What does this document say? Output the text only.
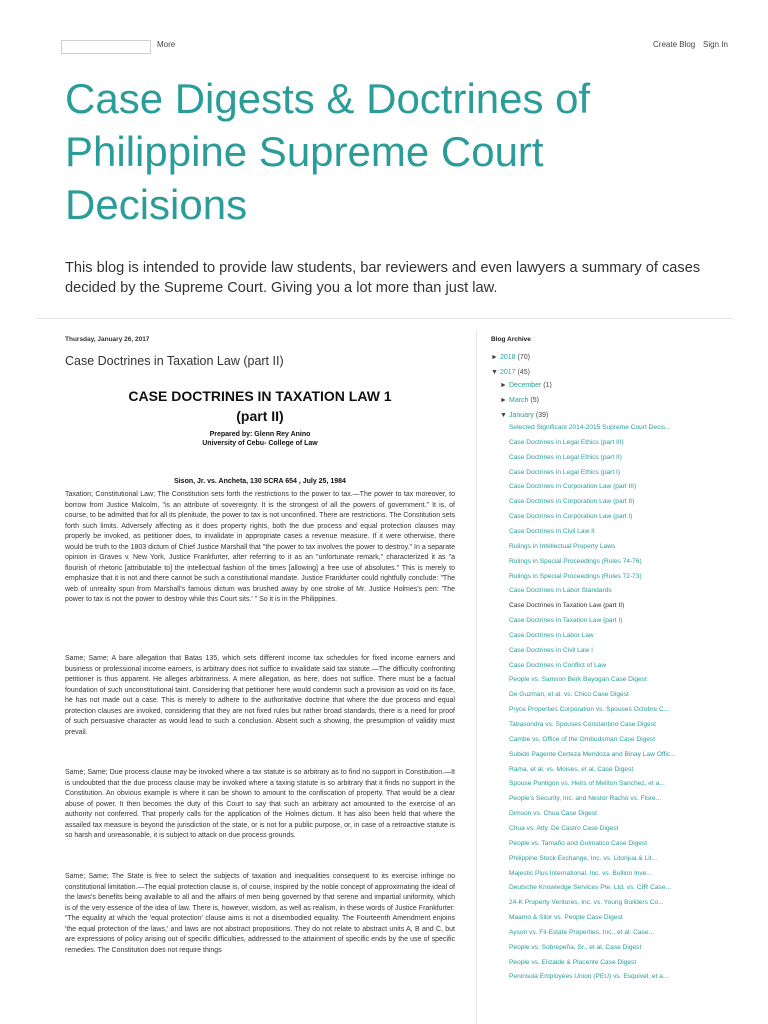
More	Create Blog Sign In
Case Digests & Doctrines of Philippine Supreme Court Decisions
This blog is intended to provide law students, bar reviewers and even lawyers a summary of cases decided by the Supreme Court. Giving you a lot more than just law.
Thursday, January 26, 2017
Case Doctrines in Taxation Law (part II)
CASE DOCTRINES IN TAXATION LAW 1
(part II)
Prepared by: Glenn Rey Anino
University of Cebu- College of Law
Sison, Jr. vs. Ancheta, 130 SCRA 654 , July 25, 1984

Taxation; Constitutional Law; The Constitution sets forth the restrictions to the power to tax.—The power to tax moreover, to borrow from Justice Malcolm, "is an attribute of sovereignty. It is the strongest of all the powers of government." It is, of course, to be admitted that for all its plenitude, the power to tax is not unconfined. There are restrictions. The Constitution sets forth such limits. Adversely affecting as it does property rights, both the due process and equal protection clauses may properly be invoked, as petitioner does, to invalidate in appropriate cases a revenue measure. If it were otherwise, there would be truth to the 1803 dictum of Chief Justice Marshall that "the power to tax involves the power to destroy." In a separate opinion in Graves v. New York, Justice Frankfurter, after referring to it as an "unfortunate remark," characterized it as "a flourish of rhetoric [attributable to] the intellectual fashion of the times [allowing] a free use of absolutes." This is merely to emphasize that it is not and there cannot be such a constitutional mandate. Justice Frankfurter could rightfully conclude: "The web of unreality spun from Marshall's famous dictum was brushed away by one stroke of Mr. Justice Holmes's pen: 'The power to tax is not the power to destroy while this Court sits.' " So it is in the Philippines.

Same; Same; A bare allegation that Batas 135, which sets different income tax schedules for fixed income earners and business or professional income earners, is arbitrary does not suffice to invalidate said tax statute.—The difficulty confronting petitioner is thus apparent. He alleges arbitrariness. A mere allegation, as here, does not suffice. There must be a factual foundation of such unconstitutional taint. Considering that petitioner here would condemn such a provision as void on its face, he has not made out a case. This is merely to adhere to the authoritative doctrine that where the due process and equal protection clauses are invoked, considering that they are not fixed rules but rather broad standards, there is a need for proof of such persuasive character as would lead to such a conclusion. Absent such a showing, the presumption of validity must prevail.

Same; Same; Due process clause may be invoked where a tax statute is so arbitrary as to find no support in Constitution.—It is undoubted that the due process clause may be invoked where a taxing statute is so arbitrary that it finds no support in the Constitution. An obvious example is where it can be shown to amount to the confiscation of property. That would be a clear abuse of power. It then becomes the duty of this Court to say that such an arbitrary act amounted to the exercise of an authority not conferred. That properly calls for the application of the Holmes dictum. It has also been held that where the assailed tax measure is beyond the jurisdiction of the state, or is not for a public purpose, or, in case of a retroactive statute is so harsh and unreasonable, it is subject to attack on due process grounds.

Same; Same; The State is free to select the subjects of taxation and inequalities consequent to its exercise infringe no constitutional limitation.—The equal protection clause is, of course, inspired by the noble concept of approximating the ideal of the laws's benefits being available to all and the affairs of men being governed by that serene and impartial uniformity, which is of the very essence of the idea of law. There is, however, wisdom, as well as realism, in these words of Justice Frankfurter: "The equality at which the 'equal protection' clause aims is not a disembodied equality. The Fourteenth Amendment enjoins 'the equal protection of the laws,' and laws are not abstract propositions. They do not relate to abstract units A, B and C, but are expressions of policy arising out of specific difficulties, addressed to the attainment of specific ends by the use of specific remedies. The Constitution does not require things

Blog Archive
► 2018 (70)
▼ 2017 (45)
► December (1)
► March (5)
▼ January (39)
Selected Significant 2014-2015 Supreme Court Decis...
Case Doctrines in Legal Ethics (part III)
Case Doctrines in Legal Ethics (part II)
Case Doctrines in Legal Ethics (part I)
Case Doctrines in Corporation Law (part III)
Case Doctrines in Corporation Law (part II)
Case Doctrines in Corporation Law (part I)
Case Doctrines in Civil Law II
Rulings in Intellectual Property Laws
Rulings in Special Proceedings (Rules 74-76)
Rulings in Special Proceedings (Rules 72-73)
Case Doctrines in Labor Standards
Case Doctrines in Taxation Law (part II)
Case Doctrines in Taxation Law (part I)
Case Doctrines in Labor Law
Case Doctrines in Civil Law I
Case Doctrines in Conflict of Law
People vs. Samson Berk Bayogan Case Digest
De Guzman, et al. vs. Chico Case Digest
Pryce Properties Corporation vs. Spouses Octobre C...
Tabasondra vs. Spouses Constantino Case Digest
Cambe vs. Office of the Ombudsman Case Digest
Subido Pagente Certeza Mendoza and Binay Law Offic...
Rama, et al. vs. Moises, et al. Case Digest
Spouse Pontigon vs. Heirs of Meliton Sanchez, et a...
People's Security, Inc. and Nestor Racho vs. Flore...
Dimson vs. Chua Case Digest
Chua vs. Atty. De Castro Case Digest
People vs. Tamaño and Gulmatico Case Digest
Philippine Stock Exchange, Inc. vs. Litonjua & Lit...
Majestic Plus International, Inc. vs. Bullion Inve...
Deutsche Knowledge Services Pte. Ltd. vs. CIR Case...
24-K Property Ventures, Inc. vs. Young Builders Co...
Maamo & Silor vs. People Case Digest
Ayson vs. Fil-Estate Properties, Inc., et al. Case...
People vs. Sobrepeña, Sr., et al. Case Digest
People vs. Elizalde & Placente Case Digest
Peninsula Employees Union (PEU) vs. Esquivel, et a...
